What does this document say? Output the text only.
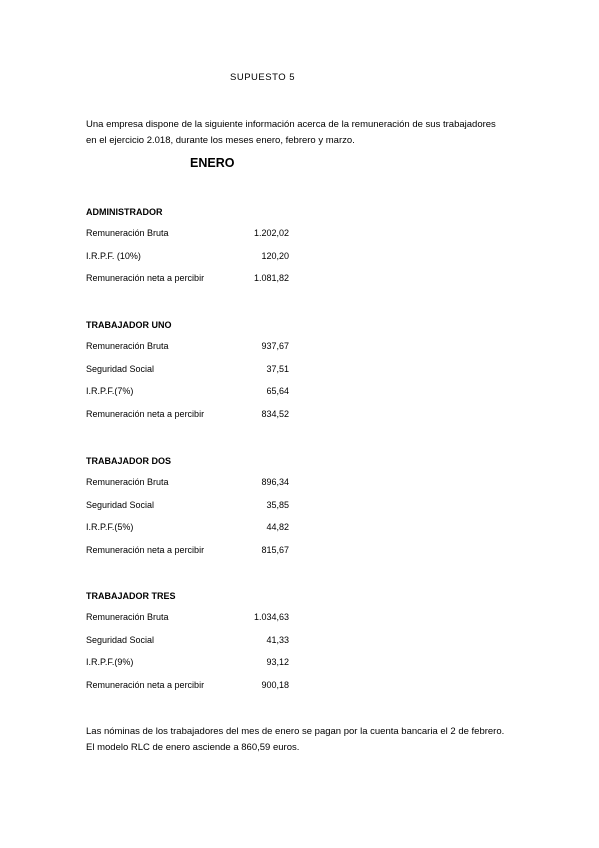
SUPUESTO 5
Una empresa dispone de la siguiente información acerca de la remuneración de sus trabajadores en el ejercicio 2.018, durante los meses enero, febrero y marzo.
ENERO
ADMINISTRADOR
Remuneración Bruta	1.202,02
I.R.P.F. (10%)	120,20
Remuneración neta a percibir	1.081,82
TRABAJADOR UNO
Remuneración Bruta	937,67
Seguridad Social	37,51
I.R.P.F.(7%)	65,64
Remuneración neta a percibir	834,52
TRABAJADOR DOS
Remuneración Bruta	896,34
Seguridad Social	35,85
I.R.P.F.(5%)	44,82
Remuneración neta a percibir	815,67
TRABAJADOR TRES
Remuneración Bruta	1.034,63
Seguridad Social	41,33
I.R.P.F.(9%)	93,12
Remuneración neta a percibir	900,18
Las nóminas de los trabajadores del mes de enero se pagan por la cuenta bancaria el 2 de febrero. El modelo RLC de enero asciende a 860,59 euros.
